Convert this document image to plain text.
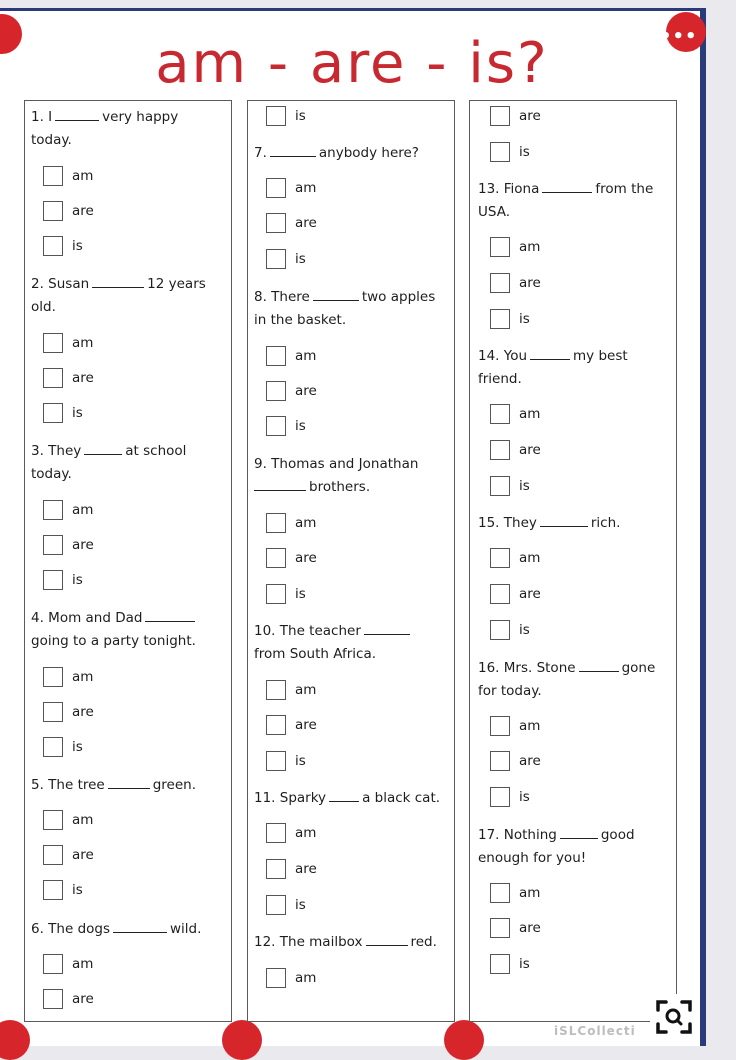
•••
am - are - is?
1. I	very happy
today.
am
are
is
2. Susan	12 years
old.
am
are
is
3. They	at school
today.
am
are
is
4. Mom and Dad
going to a party tonight.
am
are
is
5. The tree	green.
am
are
is
6. The dogs	wild.
am
are
is
7.	anybody here?
am
are
is
8. There	two apples
in the basket.
am
are
is
9. Thomas and Jonathan
brothers.
am
are
is
10. The teacher
from South Africa.
am
are
is
11. Sparky	a black cat.
am
are
is
12. The mailbox	red.
am
are
is
13. Fiona	from the
USA.
am
are
is
14. You	my best
friend.
am
are
is
15. They	rich.
am
are
is
16. Mrs. Stone	gone
for today.
am
are
is
17. Nothing	good
enough for you!
am
are
is
iSLCollecti
